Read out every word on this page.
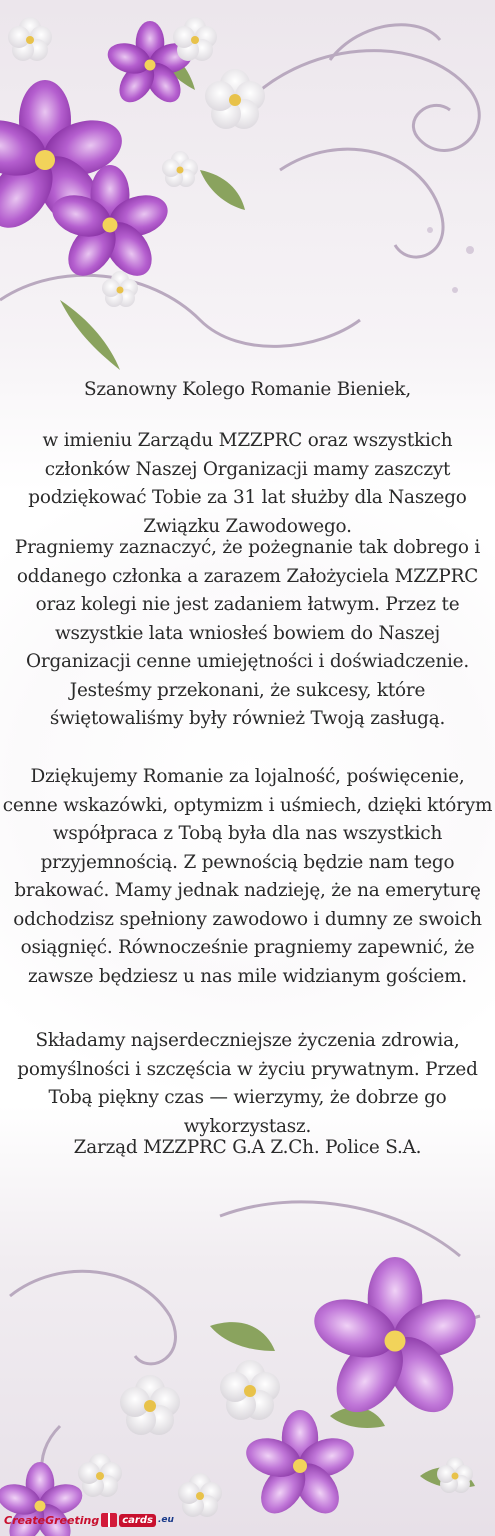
Szanowny Kolego Romanie Bieniek,

w imieniu Zarządu MZZPRC oraz wszystkich członków Naszej Organizacji mamy zaszczyt podziękować Tobie za 31 lat służby dla Naszego Związku Zawodowego.

Pragniemy zaznaczyć, że pożegnanie tak dobrego i oddanego członka a zarazem Założyciela MZZPRC oraz kolegi nie jest zadaniem łatwym. Przez te wszystkie lata wniosłeś bowiem do Naszej Organizacji cenne umiejętności i doświadczenie. Jesteśmy przekonani, że sukcesy, które świętowaliśmy były również Twoją zasługą.

Dziękujemy Romanie za lojalność, poświęcenie, cenne wskazówki, optymizm i uśmiech, dzięki którym współpraca z Tobą była dla nas wszystkich przyjemnością. Z pewnością będzie nam tego brakować. Mamy jednak nadzieję, że na emeryturę odchodzisz spełniony zawodowo i dumny ze swoich osiągnięć. Równocześnie pragniemy zapewnić, że zawsze będziesz u nas mile widzianym gościem.

Składamy najserdeczniejsze życzenia zdrowia, pomyślności i szczęścia w życiu prywatnym. Przed Tobą piękny czas — wierzymy, że dobrze go wykorzystasz.

Zarząd MZZPRC G.A Z.Ch. Police S.A.
CreateGreeting	cards .eu
